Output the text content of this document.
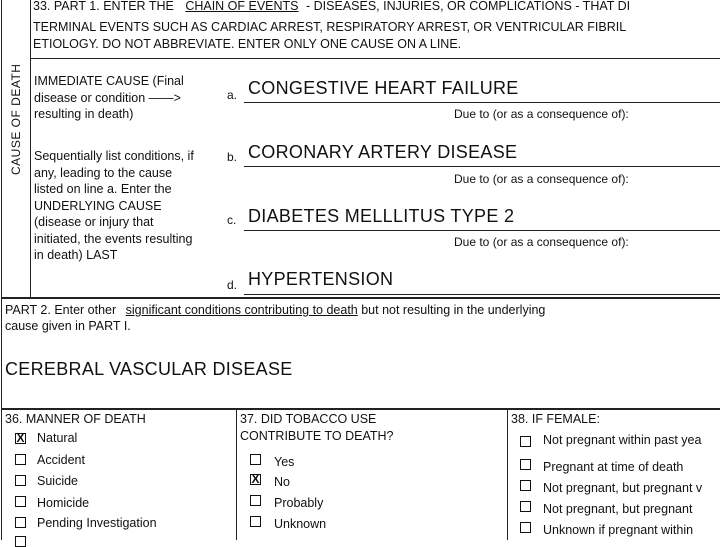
33. PART 1. ENTER THE CHAIN OF EVENTS - DISEASES, INJURIES, OR COMPLICATIONS - THAT DI
TERMINAL EVENTS SUCH AS CARDIAC ARREST, RESPIRATORY ARREST, OR VENTRICULAR FIBRIL
ETIOLOGY. DO NOT ABBREVIATE. ENTER ONLY ONE CAUSE ON A LINE.
CAUSE OF DEATH IMMEDIATE CAUSE (Final
disease or condition ——>
resulting in death)
Sequentially list conditions, if
any, leading to the cause
listed on line a. Enter the
UNDERLYING CAUSE
(disease or injury that
initiated, the events resulting
in death) LAST
a. CONGESTIVE HEART FAILURE
Due to (or as a consequence of):
b. CORONARY ARTERY DISEASE
Due to (or as a consequence of):
c. DIABETES MELLLITUS TYPE 2
Due to (or as a consequence of):
d. HYPERTENSION
PART 2. Enter other significant conditions contributing to death but not resulting in the underlying
cause given in PART I.
CEREBRAL VASCULAR DISEASE
36. MANNER OF DEATH
X Natural
Accident
Suicide
Homicide
Pending Investigation
37. DID TOBACCO USE
CONTRIBUTE TO DEATH?
Yes
X No
Probably
Unknown
38. IF FEMALE:
Not pregnant within past yea
Pregnant at time of death
Not pregnant, but pregnant v
Not pregnant, but pregnant
Unknown if pregnant within
